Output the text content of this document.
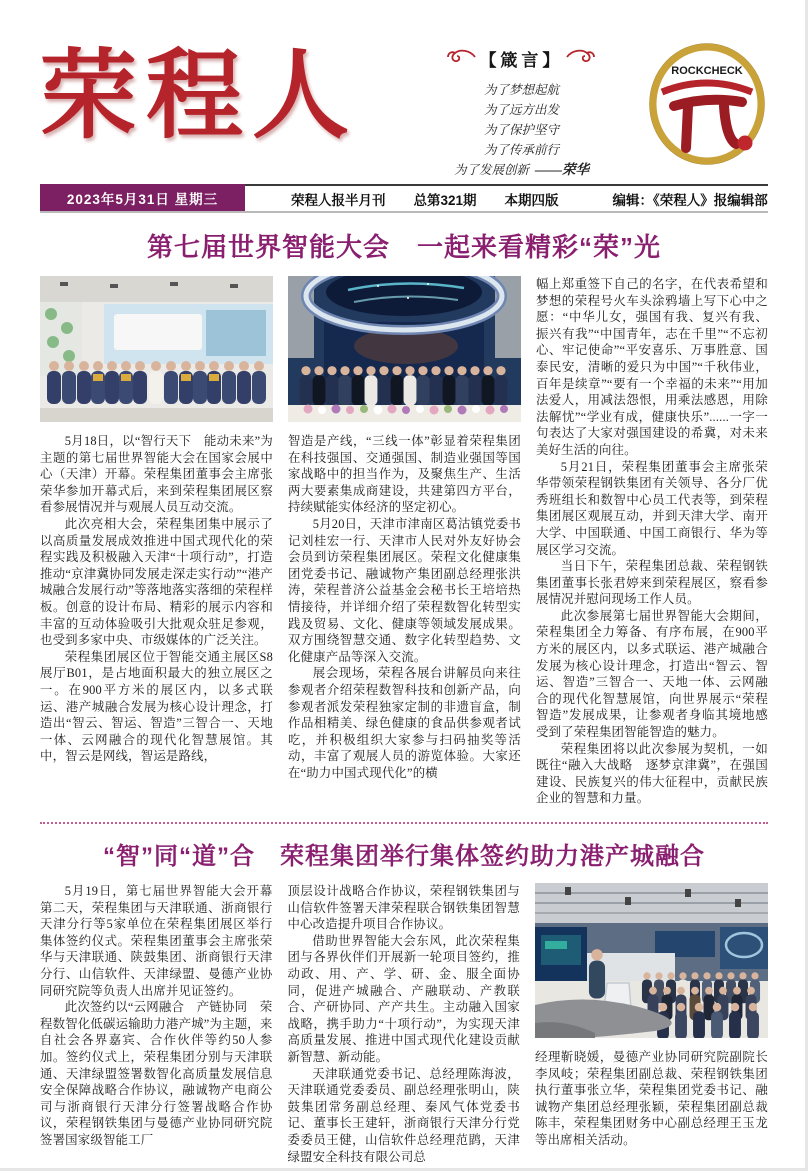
荣程人	【箴言】
为了梦想起航
为了远方出发
为了保护坚守
为了传承前行
为了发展创新 ——荣华
ROCKCHECK
2023年5月31日 星期三	荣程人报半月刊 总第321期 本期四版	编辑：《荣程人》报编辑部
第七届世界智能大会　一起来看精彩“荣”光

5月18日，以“智行天下　能动未来”为主题的第七届世界智能大会在国家会展中心（天津）开幕。荣程集团董事会主席张荣华参加开幕式后，来到荣程集团展区察看参展情况并与观展人员互动交流。

此次亮相大会，荣程集团集中展示了以高质量发展成效推进中国式现代化的荣程实践及积极融入天津“十项行动”，打造推动“京津冀协同发展走深走实行动”“港产城融合发展行动”等落地落实落细的荣程样板。创意的设计布局、精彩的展示内容和丰富的互动体验吸引大批观众驻足参观，也受到多家中央、市级媒体的广泛关注。

荣程集团展区位于智能交通主展区S8展厅B01，是占地面积最大的独立展区之一。在900平方米的展区内，以多式联运、港产城融合发展为核心设计理念，打造出“智云、智运、智造”三智合一、天地一体、云网融合的现代化智慧展馆。其中，智云是网线，智运是路线，

智造是产线，“三线一体”彰显着荣程集团在科技强国、交通强国、制造业强国等国家战略中的担当作为，及聚焦生产、生活两大要素集成商建设，共建第四方平台，持续赋能实体经济的坚定初心。

5月20日，天津市津南区葛沽镇党委书记刘桂宏一行、天津市人民对外友好协会会员到访荣程集团展区。荣程文化健康集团党委书记、融诚物产集团副总经理张洪涛，荣程普济公益基金会秘书长王培培热情接待，并详细介绍了荣程数智化转型实践及贸易、文化、健康等领域发展成果。双方围绕智慧交通、数字化转型趋势、文化健康产品等深入交流。

展会现场，荣程各展台讲解员向来往参观者介绍荣程数智科技和创新产品，向参观者派发荣程独家定制的非遗盲盒，制作品相精美、绿色健康的食品供参观者试吃，并积极组织大家参与扫码抽奖等活动，丰富了观展人员的游览体验。大家还在“助力中国式现代化”的横

幅上郑重签下自己的名字，在代表希望和梦想的荣程号火车头涂鸦墙上写下心中之愿：“中华儿女，强国有我、复兴有我、振兴有我”“中国青年，志在千里”“不忘初心、牢记使命”“平安喜乐、万事胜意、国泰民安，清晰的爱只为中国”“千秋伟业，百年是续章”“要有一个幸福的未来”“用加法爱人，用减法怨恨，用乘法感恩，用除法解忧”“学业有成，健康快乐”......一字一句表达了大家对强国建设的希冀，对未来美好生活的向往。

5月21日，荣程集团董事会主席张荣华带领荣程钢铁集团有关领导、各分厂优秀班组长和数智中心员工代表等，到荣程集团展区观展互动，并到天津大学、南开大学、中国联通、中国工商银行、华为等展区学习交流。

当日下午，荣程集团总裁、荣程钢铁集团董事长张君婷来到荣程展区，察看参展情况并慰问现场工作人员。

此次参展第七届世界智能大会期间，荣程集团全力筹备、有序布展，在900平方米的展区内，以多式联运、港产城融合发展为核心设计理念，打造出“智云、智运、智造”三智合一、天地一体、云网融合的现代化智慧展馆，向世界展示“荣程智造”发展成果，让参观者身临其境地感受到了荣程集团智能智造的魅力。

荣程集团将以此次参展为契机，一如既往“融入大战略　逐梦京津冀”，在强国建设、民族复兴的伟大征程中，贡献民族企业的智慧和力量。

“智”同“道”合　荣程集团举行集体签约助力港产城融合

5月19日，第七届世界智能大会开幕第二天，荣程集团与天津联通、浙商银行天津分行等5家单位在荣程集团展区举行集体签约仪式。荣程集团董事会主席张荣华与天津联通、陕鼓集团、浙商银行天津分行、山信软件、天津绿盟、曼德产业协同研究院等负责人出席并见证签约。

此次签约以“云网融合　产链协同　荣程数智化低碳运输助力港产城”为主题，来自社会各界嘉宾、合作伙伴等约50人参加。签约仪式上，荣程集团分别与天津联通、天津绿盟签署数智化高质量发展信息安全保障战略合作协议，融诚物产电商公司与浙商银行天津分行签署战略合作协议，荣程钢铁集团与曼德产业协同研究院签署国家级智能工厂

顶层设计战略合作协议，荣程钢铁集团与山信软件签署天津荣程联合钢铁集团智慧中心改造提升项目合作协议。

借助世界智能大会东风，此次荣程集团与各界伙伴们开展新一轮项目签约，推动政、用、产、学、研、金、服全面协同，促进产城融合、产融联动、产教联合、产研协同、产产共生。主动融入国家战略，携手助力“十项行动”，为实现天津高质量发展、推进中国式现代化建设贡献新智慧、新动能。

天津联通党委书记、总经理陈海波，天津联通党委委员、副总经理张明山，陕鼓集团常务副总经理、秦风气体党委书记、董事长王建轩，浙商银行天津分行党委委员王健，山信软件总经理范鹍，天津绿盟安全科技有限公司总

经理靳晓媛，曼德产业协同研究院副院长李凤岐；荣程集团副总裁、荣程钢铁集团执行董事张立华，荣程集团党委书记、融诚物产集团总经理张颖，荣程集团副总裁陈丰，荣程集团财务中心副总经理王玉龙等出席相关活动。
